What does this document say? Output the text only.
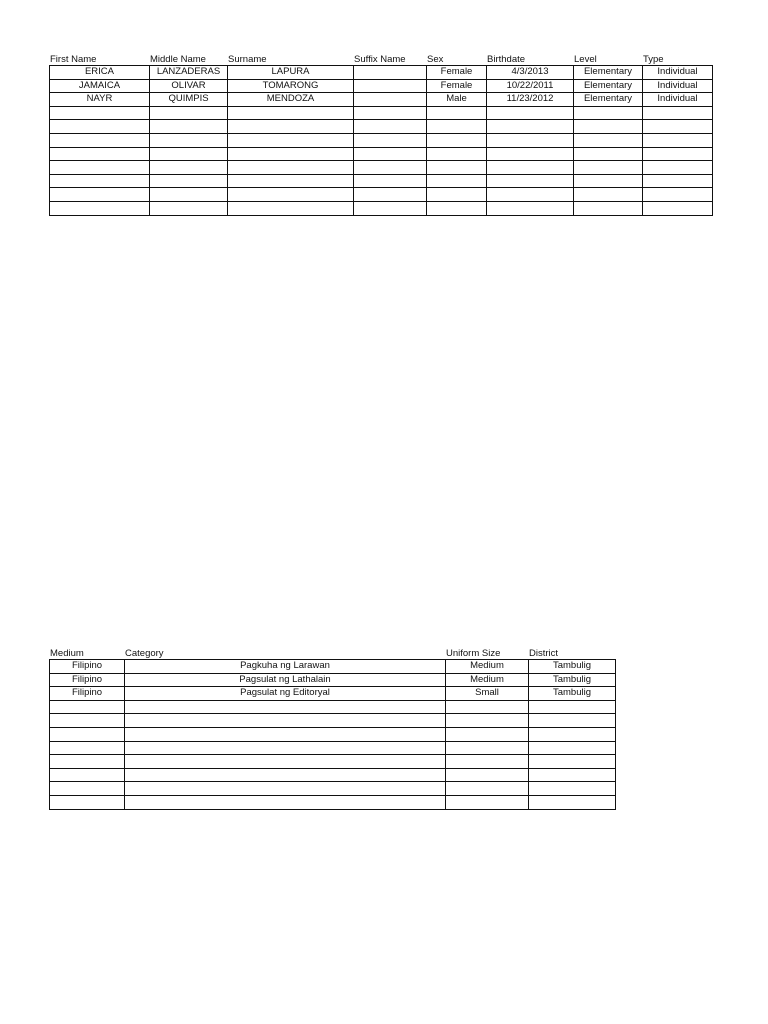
First Name	Middle Name	Surname	Suffix Name	Sex	Birthdate	Level	Type
ERICA	LANZADERAS	LAPURA		Female	4/3/2013	Elementary	Individual
JAMAICA	OLIVAR	TOMARONG		Female	10/22/2011	Elementary	Individual
NAYR	QUIMPIS	MENDOZA		Male	11/23/2012	Elementary	Individual

Medium	Category	Uniform Size	District
Filipino	Pagkuha ng Larawan	Medium	Tambulig
Filipino	Pagsulat ng Lathalain	Medium	Tambulig
Filipino	Pagsulat ng Editoryal	Small	Tambulig
